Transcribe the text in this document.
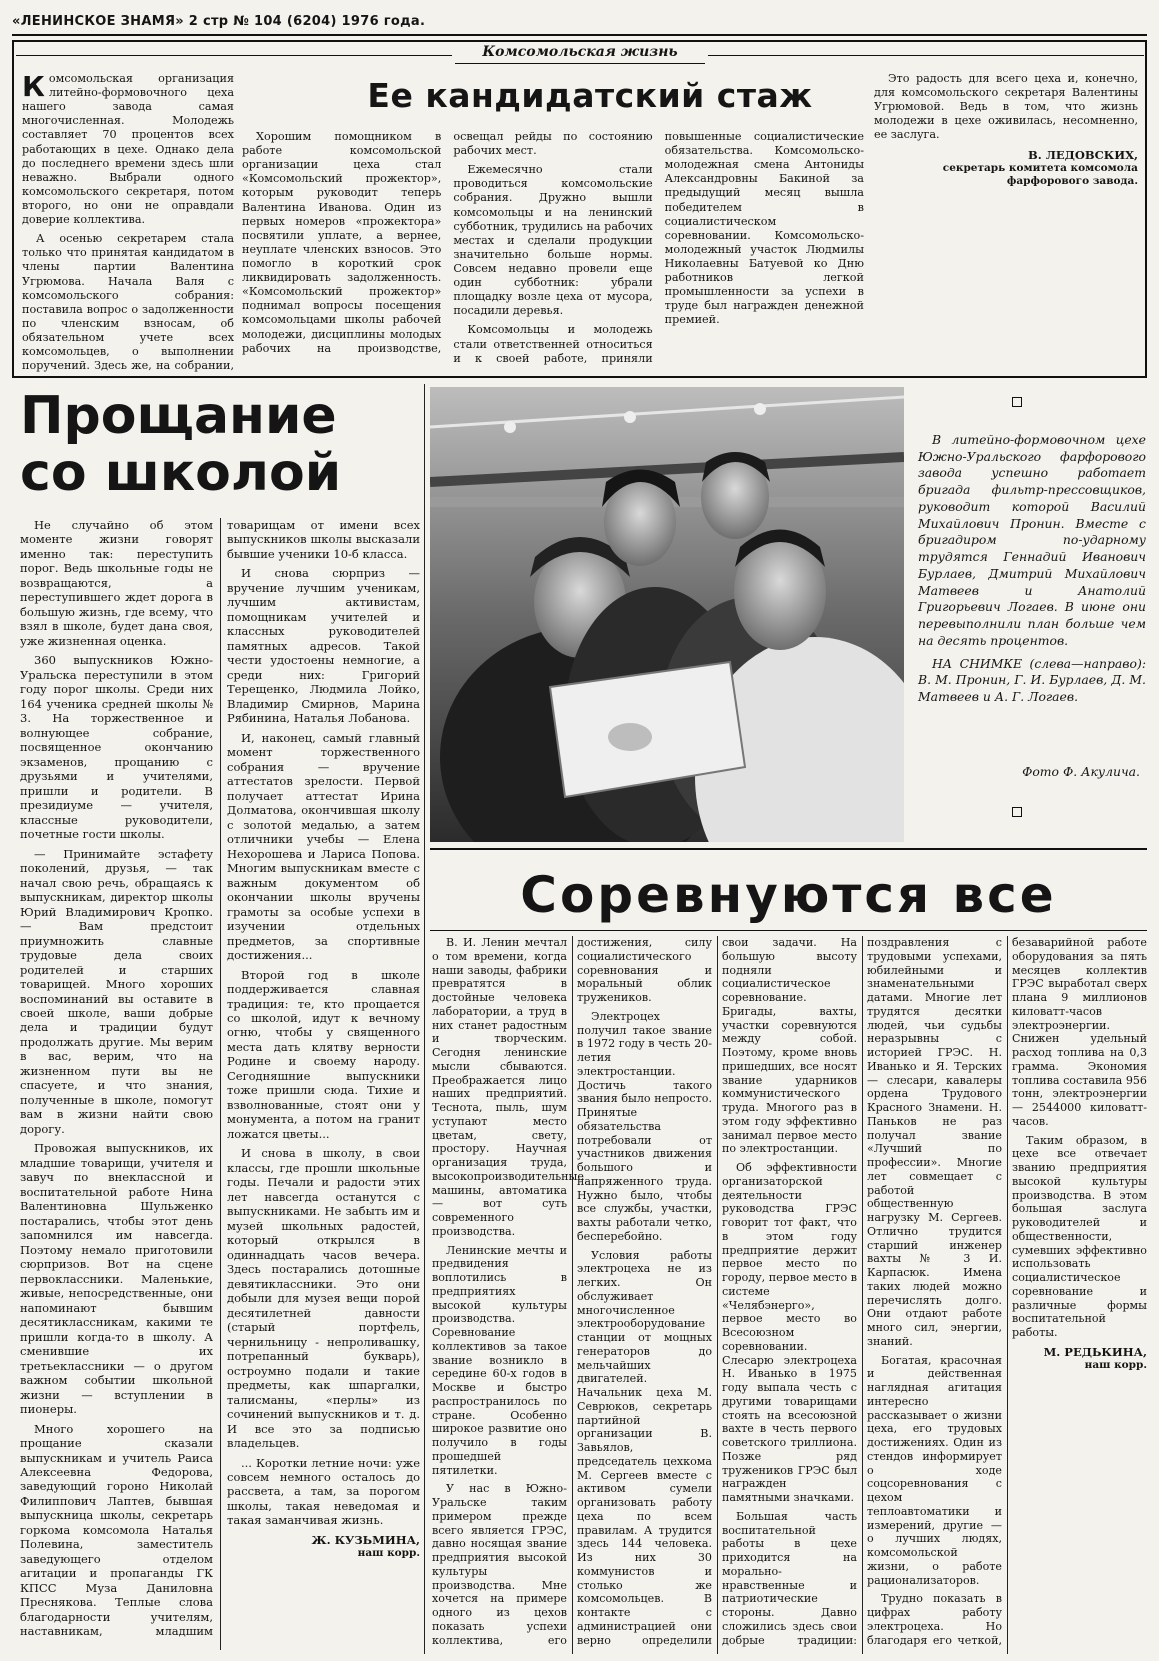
«ЛЕНИНСКОЕ ЗНАМЯ» 2 стр № 104 (6204) 1976 года.
Комсомольская жизнь
Ее кандидатский стаж

Комсомольская организация литейно-формовочного цеха нашего завода самая многочисленная. Молодежь составляет 70 процентов всех работающих в цехе. Однако дела до последнего времени здесь шли неважно. Выбрали одного комсомольского секретаря, потом второго, но они не оправдали доверие коллектива.

А осенью секретарем стала только что принятая кандидатом в члены партии Валентина Угрюмова. Начала Валя с комсомольского собрания: поставила вопрос о задолженности по членским взносам, об обязательном учете всех комсомольцев, о выполнении поручений. Здесь же, на собрании,

Хорошим помощником в работе комсомольской организации цеха стал «Комсомольский прожектор», которым руководит теперь Валентина Иванова. Один из первых номеров «прожектора» посвятили уплате, а вернее, неуплате членских взносов. Это помогло в короткий срок ликвидировать задолженность. «Комсомольский прожектор» поднимал вопросы посещения комсомольцами школы рабочей молодежи, дисциплины молодых рабочих на производстве, освещал рейды по состоянию рабочих мест.

Ежемесячно стали проводиться комсомольские собрания. Дружно вышли комсомольцы и на ленинский субботник, трудились на рабочих местах и сделали продукции значительно больше нормы. Совсем недавно провели еще один субботник: убрали площадку возле цеха от мусора, посадили деревья.

Комсомольцы и молодежь стали ответственней относиться и к своей работе, приняли повышенные социалистические обязательства. Комсомольско-молодежная смена Антониды Александровны Бакиной за предыдущий месяц вышла победителем в социалистическом соревновании. Комсомольско-молодежный участок Людмилы Николаевны Батуевой ко Дню работников легкой промышленности за успехи в труде был награжден денежной премией.

Это радость для всего цеха и, конечно, для комсомольского секретаря Валентины Угрюмовой. Ведь в том, что жизнь молодежи в цехе оживилась, несомненно, ее заслуга.

В. ЛЕДОВСКИХ,
секретарь комитета комсомола фарфорового завода.
Прощание со школой

Не случайно об этом моменте жизни говорят именно так: переступить порог. Ведь школьные годы не возвращаются, а переступившего ждет дорога в большую жизнь, где всему, что взял в школе, будет дана своя, уже жизненная оценка.

360 выпускников Южно-Уральска переступили в этом году порог школы. Среди них 164 ученика средней школы № 3. На торжественное и волнующее собрание, посвященное окончанию экзаменов, прощанию с друзьями и учителями, пришли и родители. В президиуме — учителя, классные руководители, почетные гости школы.

— Принимайте эстафету поколений, друзья, — так начал свою речь, обращаясь к выпускникам, директор школы Юрий Владимирович Кропко. — Вам предстоит приумножить славные трудовые дела своих родителей и старших товарищей. Много хороших воспоминаний вы оставите в своей школе, ваши добрые дела и традиции будут продолжать другие. Мы верим в вас, верим, что на жизненном пути вы не спасуете, и что знания, полученные в школе, помогут вам в жизни найти свою дорогу.

Провожая выпускников, их младшие товарищи, учителя и завуч по внеклассной и воспитательной работе Нина Валентиновна Шульженко постарались, чтобы этот день запомнился им навсегда. Поэтому немало приготовили сюрпризов. Вот на сцене первоклассники. Маленькие, живые, непосредственные, они напоминают бывшим десятиклассникам, какими те пришли когда-то в школу. А сменившие их третьеклассники — о другом важном событии школьной жизни — вступлении в пионеры.

Много хорошего на прощание сказали выпускникам и учитель Раиса Алексеевна Федорова, заведующий гороно Николай Филиппович Лаптев, бывшая выпускница школы, секретарь горкома комсомола Наталья Полевина, заместитель заведующего отделом агитации и пропаганды ГК КПСС Муза Даниловна Преснякова. Теплые слова благодарности учителям, наставникам, младшим товарищам от имени всех выпускников школы высказали бывшие ученики 10-б класса.

И снова сюрприз — вручение лучшим ученикам, лучшим активистам, помощникам учителей и классных руководителей памятных адресов. Такой чести удостоены немногие, а среди них: Григорий Терещенко, Людмила Лойко, Владимир Смирнов, Марина Рябинина, Наталья Лобанова.

И, наконец, самый главный момент торжественного собрания — вручение аттестатов зрелости. Первой получает аттестат Ирина Долматова, окончившая школу с золотой медалью, а затем отличники учебы — Елена Нехорошева и Лариса Попова. Многим выпускникам вместе с важным документом об окончании школы вручены грамоты за особые успехи в изучении отдельных предметов, за спортивные достижения...

Второй год в школе поддерживается славная традиция: те, кто прощается со школой, идут к вечному огню, чтобы у священного места дать клятву верности Родине и своему народу. Сегодняшние выпускники тоже пришли сюда. Тихие и взволнованные, стоят они у монумента, а потом на гранит ложатся цветы...

И снова в школу, в свои классы, где прошли школьные годы. Печали и радости этих лет навсегда останутся с выпускниками. Не забыть им и музей школьных радостей, который открылся в одиннадцать часов вечера. Здесь постарались дотошные девятиклассники. Это они добыли для музея вещи порой десятилетней давности (старый портфель, чернильницу - непроливашку, потрепанный букварь), остроумно подали и такие предметы, как шпаргалки, талисманы, «перлы» из сочинений выпускников и т. д. И все это за подписью владельцев.

... Коротки летние ночи: уже совсем немного осталось до рассвета, а там, за порогом школы, такая неведомая и такая заманчивая жизнь.

Ж. КУЗЬМИНА,
наш корр.

В литейно-формовочном цехе Южно-Уральского фарфорового завода успешно работает бригада фильтр-прессовщиков, руководит которой Василий Михайлович Пронин. Вместе с бригадиром по-ударному трудятся Геннадий Иванович Бурлаев, Дмитрий Михайлович Матвеев и Анатолий Григорьевич Логаев. В июне они перевыполнили план больше чем на десять процентов.

НА СНИМКЕ (слева—направо): В. М. Пронин, Г. И. Бурлаев, Д. М. Матвеев и А. Г. Логаев.

Фото Ф. Акулича.
Соревнуются все

В. И. Ленин мечтал о том времени, когда наши заводы, фабрики превратятся в достойные человека лаборатории, а труд в них станет радостным и творческим. Сегодня ленинские мысли сбываются. Преображается лицо наших предприятий. Теснота, пыль, шум уступают место цветам, свету, простору. Научная организация труда, высокопроизводительные машины, автоматика — вот суть современного производства.

Ленинские мечты и предвидения воплотились в предприятиях высокой культуры производства. Соревнование коллективов за такое звание возникло в середине 60-х годов в Москве и быстро распространилось по стране. Особенно широкое развитие оно получило в годы прошедшей пятилетки.

У нас в Южно-Уральске таким примером прежде всего является ГРЭС, давно носящая звание предприятия высокой культуры производства. Мне хочется на примере одного из цехов показать успехи коллектива, его достижения, силу социалистического соревнования и моральный облик тружеников.

Электроцех получил такое звание в 1972 году в честь 20-летия электростанции. Достичь такого звания было непросто. Принятые обязательства потребовали от участников движения большого и напряженного труда. Нужно было, чтобы все службы, участки, вахты работали четко, бесперебойно.

Условия работы электроцеха не из легких. Он обслуживает многочисленное электрооборудование станции от мощных генераторов до мельчайших двигателей. Начальник цеха М. Севрюков, секретарь партийной организации В. Завьялов, председатель цехкома М. Сергеев вместе с активом сумели организовать работу цеха по всем правилам. А трудится здесь 144 человека. Из них 30 коммунистов и столько же комсомольцев. В контакте с администрацией они верно определили свои задачи. На большую высоту подняли социалистическое соревнование. Бригады, вахты, участки соревнуются между собой. Поэтому, кроме вновь пришедших, все носят звание ударников коммунистического труда. Многого раз в этом году эффективно занимал первое место по электростанции.

Об эффективности организаторской деятельности руководства ГРЭС говорит тот факт, что в этом году предприятие держит первое место по городу, первое место в системе «Челябэнерго», первое место во Всесоюзном соревновании. Слесарю электроцеха Н. Иванько в 1975 году выпала честь с другими товарищами стоять на всесоюзной вахте в честь первого советского триллиона. Позже ряд тружеников ГРЭС был награжден памятными значками.

Большая часть воспитательной работы в цехе приходится на морально-нравственные и патриотические стороны. Давно сложились здесь свои добрые традиции: поздравления с трудовыми успехами, юбилейными и знаменательными датами. Многие лет трудятся десятки людей, чьи судьбы неразрывны с историей ГРЭС. Н. Иванько и Я. Терских — слесари, кавалеры ордена Трудового Красного Знамени. Н. Паньков не раз получал звание «Лучший по профессии». Многие лет совмещает с работой общественную нагрузку М. Сергеев. Отлично трудится старший инженер вахты № 3 И. Карпасюк. Имена таких людей можно перечислять долго. Они отдают работе много сил, энергии, знаний.

Богатая, красочная и действенная наглядная агитация интересно рассказывает о жизни цеха, его трудовых достижениях. Один из стендов информирует о ходе соцсоревнования с цехом теплоавтоматики и измерений, другие — о лучших людях, комсомольской жизни, о работе рационализаторов.

Трудно показать в цифрах работу электроцеха. Но благодаря его четкой, безаварийной работе оборудования за пять месяцев коллектив ГРЭС выработал сверх плана 9 миллионов киловатт-часов электроэнергии. Снижен удельный расход топлива на 0,3 грамма. Экономия топлива составила 956 тонн, электроэнергии — 2544000 киловатт-часов.

Таким образом, в цехе все отвечает званию предприятия высокой культуры производства. В этом большая заслуга руководителей и общественности, сумевших эффективно использовать социалистическое соревнование и различные формы воспитательной работы.

М. РЕДЬКИНА,
наш корр.
